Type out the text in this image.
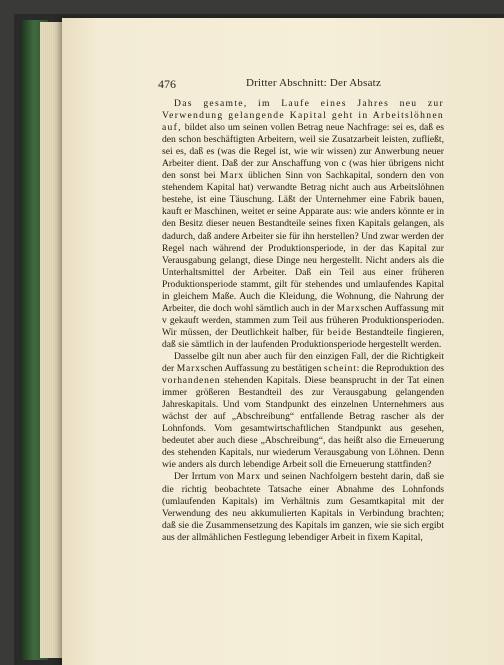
476	Dritter Abschnitt: Der Absatz

Das gesamte, im Laufe eines Jahres neu zur Verwendung gelangende Kapital geht in Arbeitslöhnen auf, bildet also um seinen vollen Betrag neue Nachfrage: sei es, daß es den schon beschäftigten Arbeitern, weil sie Zusatzarbeit leisten, zufließt, sei es, daß es (was die Regel ist, wie wir wissen) zur Anwerbung neuer Arbeiter dient. Daß der zur Anschaffung von c (was hier übrigens nicht den sonst bei Marx üblichen Sinn von Sachkapital, sondern den von stehendem Kapital hat) verwandte Betrag nicht auch aus Arbeitslöhnen bestehe, ist eine Täuschung. Läßt der Unternehmer eine Fabrik bauen, kauft er Maschinen, weitet er seine Apparate aus: wie anders könnte er in den Besitz dieser neuen Bestandteile seines fixen Kapitals gelangen, als dadurch, daß andere Arbeiter sie für ihn herstellen? Und zwar werden der Regel nach während der Produktionsperiode, in der das Kapital zur Verausgabung gelangt, diese Dinge neu hergestellt. Nicht anders als die Unterhaltsmittel der Arbeiter. Daß ein Teil aus einer früheren Produktionsperiode stammt, gilt für stehendes und umlaufendes Kapital in gleichem Maße. Auch die Kleidung, die Wohnung, die Nahrung der Arbeiter, die doch wohl sämtlich auch in der Marxschen Auffassung mit v gekauft werden, stammen zum Teil aus früheren Produktionsperioden. Wir müssen, der Deutlichkeit halber, für beide Bestandteile fingieren, daß sie sämtlich in der laufenden Produktionsperiode hergestellt werden.

Dasselbe gilt nun aber auch für den einzigen Fall, der die Richtigkeit der Marxschen Auffassung zu bestätigen scheint: die Reproduktion des vorhandenen stehenden Kapitals. Diese beansprucht in der Tat einen immer größeren Bestandteil des zur Verausgabung gelangenden Jahreskapitals. Und vom Standpunkt des einzelnen Unternehmers aus wächst der auf „Abschreibung“ entfallende Betrag rascher als der Lohnfonds. Vom gesamtwirtschaftlichen Standpunkt aus gesehen, bedeutet aber auch diese „Abschreibung“, das heißt also die Erneuerung des stehenden Kapitals, nur wiederum Verausgabung von Löhnen. Denn wie anders als durch lebendige Arbeit soll die Erneuerung stattfinden?

Der Irrtum von Marx und seinen Nachfolgern besteht darin, daß sie die richtig beobachtete Tatsache einer Abnahme des Lohnfonds (umlaufenden Kapitals) im Verhältnis zum Gesamtkapital mit der Verwendung des neu akkumulierten Kapitals in Verbindung brachten; daß sie die Zusammensetzung des Kapitals im ganzen, wie sie sich ergibt aus der allmählichen Festlegung lebendiger Arbeit in fixem Kapital,
